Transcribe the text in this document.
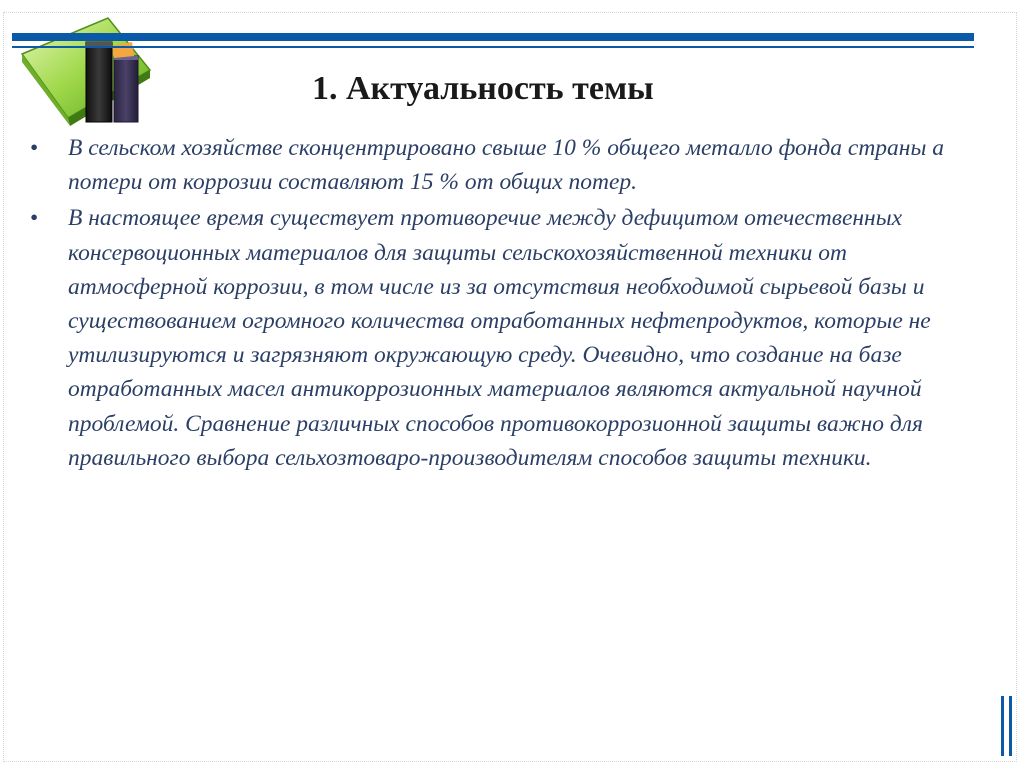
1. Актуальность темы
•	В сельском хозяйстве сконцентрировано свыше 10 % общего металло фонда страны а потери от коррозии составляют 15 % от общих потер.
•	В настоящее время существует противоречие между дефицитом отечественных консервоционных материалов для защиты сельскохозяйственной техники от атмосферной коррозии, в том числе из за отсутствия необходимой сырьевой базы и существованием огромного количества отработанных нефтепродуктов, которые не утилизируются и загрязняют окружающую среду. Очевидно, что создание на базе отработанных масел антикоррозионных материалов являются актуальной научной проблемой. Сравнение различных способов противокоррозионной защиты важно для правильного выбора сельхозтоваро-производителям способов защиты техники.
